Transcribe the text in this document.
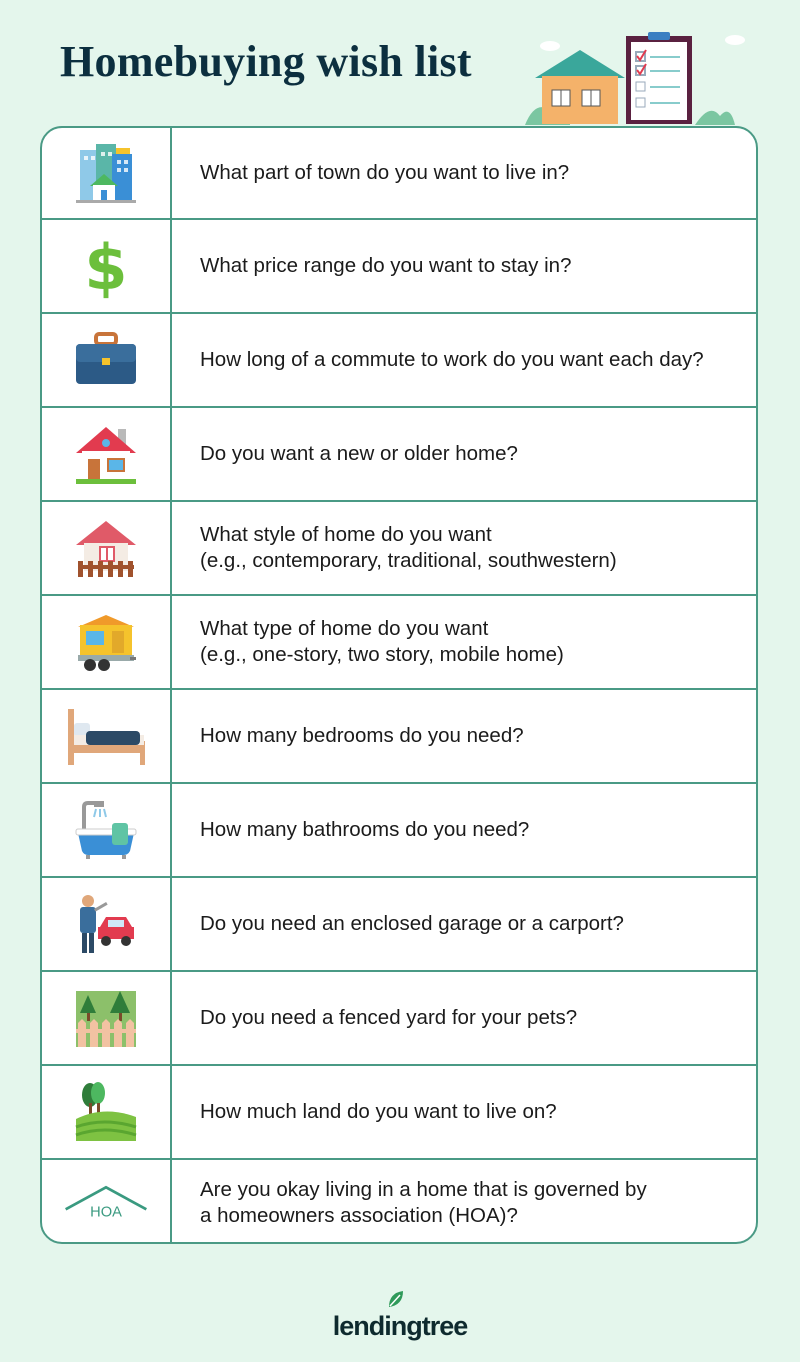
Homebuying wish list
What part of town do you want to live in?
$	What price range do you want to stay in?
How long of a commute to work do you want each day?
Do you want a new or older home?
What style of home do you want
(e.g., contemporary, traditional, southwestern)
What type of home do you want
(e.g., one-story, two story, mobile home)
How many bedrooms do you need?
How many bathrooms do you need?
Do you need an enclosed garage or a carport?
Do you need a fenced yard for your pets?
How much land do you want to live on?
HOA
Are you okay living in a home that is governed by
a homeowners association (HOA)?
lendingtree
